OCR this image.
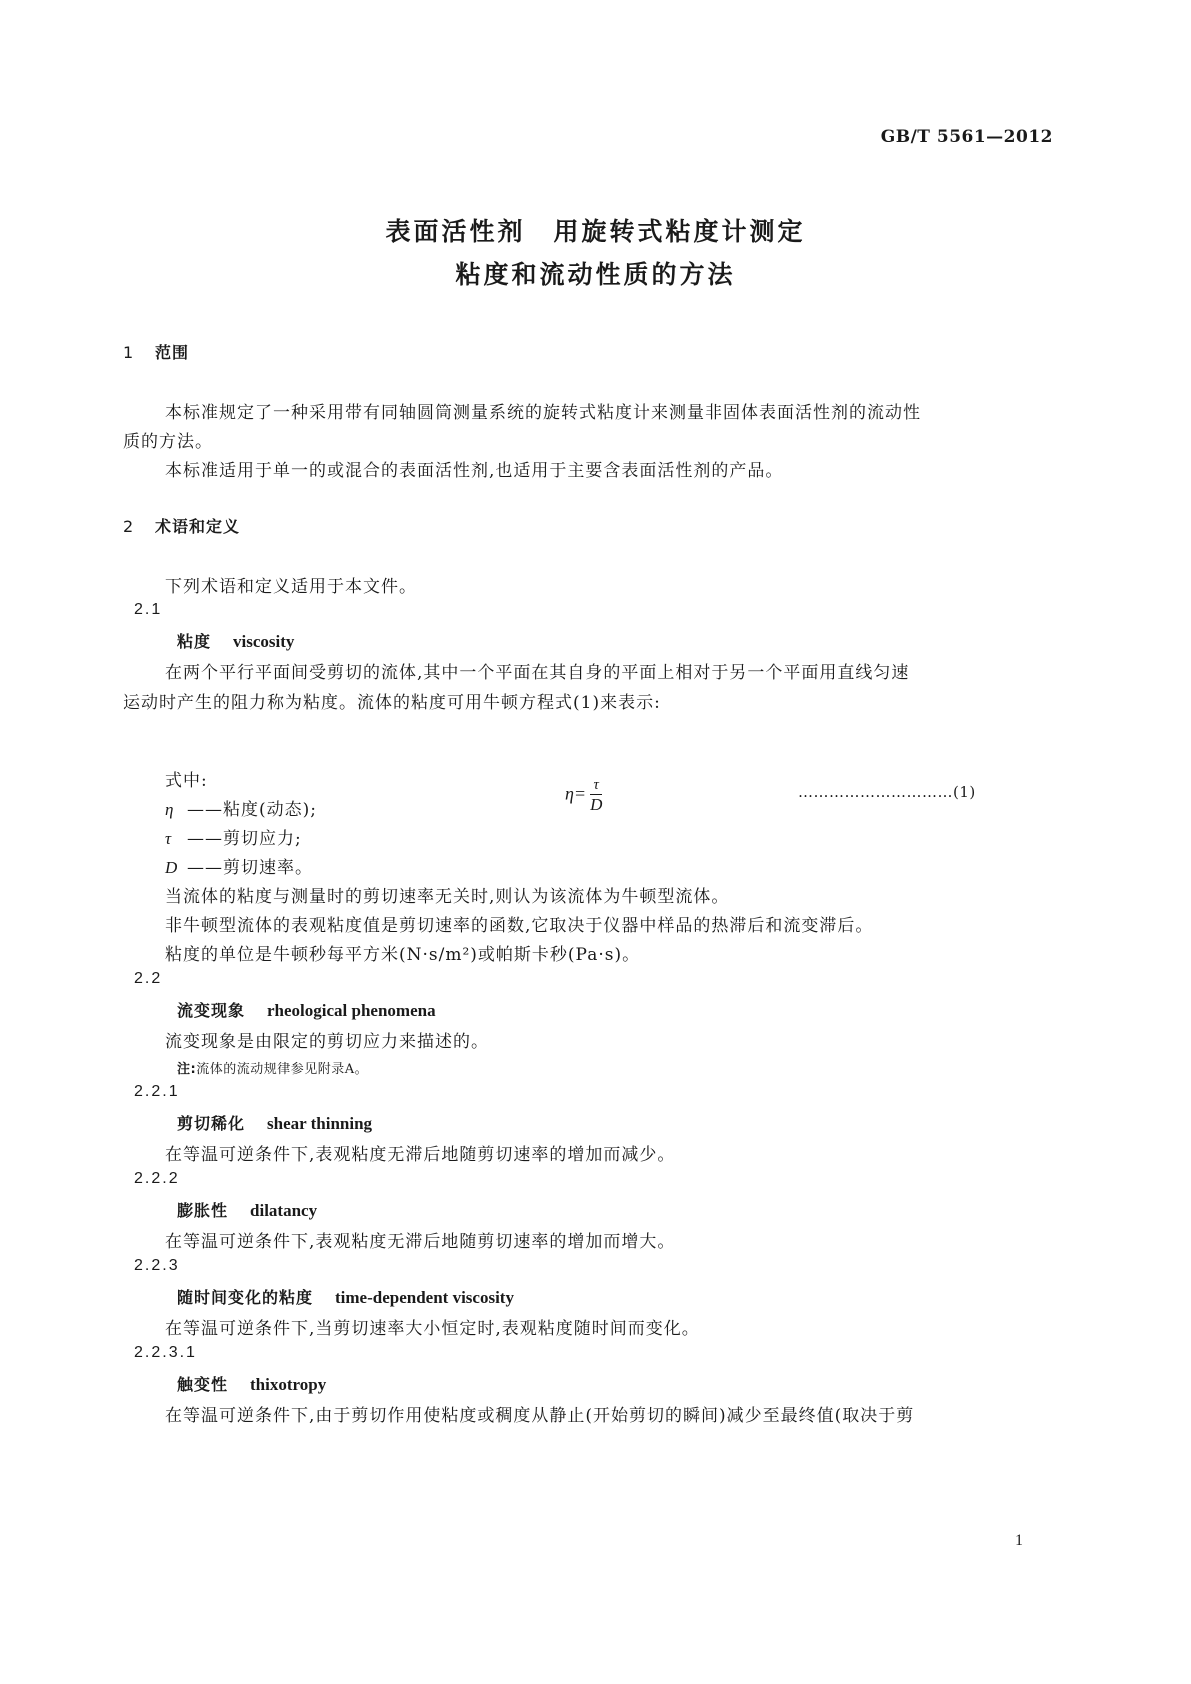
GB/T 5561—2012
表面活性剂　用旋转式粘度计测定
粘度和流动性质的方法
1 范围
本标准规定了一种采用带有同轴圆筒测量系统的旋转式粘度计来测量非固体表面活性剂的流动性
质的方法。
本标准适用于单一的或混合的表面活性剂,也适用于主要含表面活性剂的产品。
2 术语和定义
下列术语和定义适用于本文件。
2.1
粘度 viscosity
在两个平行平面间受剪切的流体,其中一个平面在其自身的平面上相对于另一个平面用直线匀速
运动时产生的阻力称为粘度。流体的粘度可用牛顿方程式(1)来表示:
$\eta= \frac{\tau}{D}$	…………………………(1)
式中:
η ——粘度(动态);
τ ——剪切应力;
D ——剪切速率。
当流体的粘度与测量时的剪切速率无关时,则认为该流体为牛顿型流体。
非牛顿型流体的表观粘度值是剪切速率的函数,它取决于仪器中样品的热滞后和流变滞后。
粘度的单位是牛顿秒每平方米(N·s/m²)或帕斯卡秒(Pa·s)。
2.2
流变现象 rheological phenomena
流变现象是由限定的剪切应力来描述的。
注:流体的流动规律参见附录A。
2.2.1
剪切稀化 shear thinning
在等温可逆条件下,表观粘度无滞后地随剪切速率的增加而减少。
2.2.2
膨胀性 dilatancy
在等温可逆条件下,表观粘度无滞后地随剪切速率的增加而增大。
2.2.3
随时间变化的粘度 time-dependent viscosity
在等温可逆条件下,当剪切速率大小恒定时,表观粘度随时间而变化。
2.2.3.1
触变性 thixotropy
在等温可逆条件下,由于剪切作用使粘度或稠度从静止(开始剪切的瞬间)减少至最终值(取决于剪
1
